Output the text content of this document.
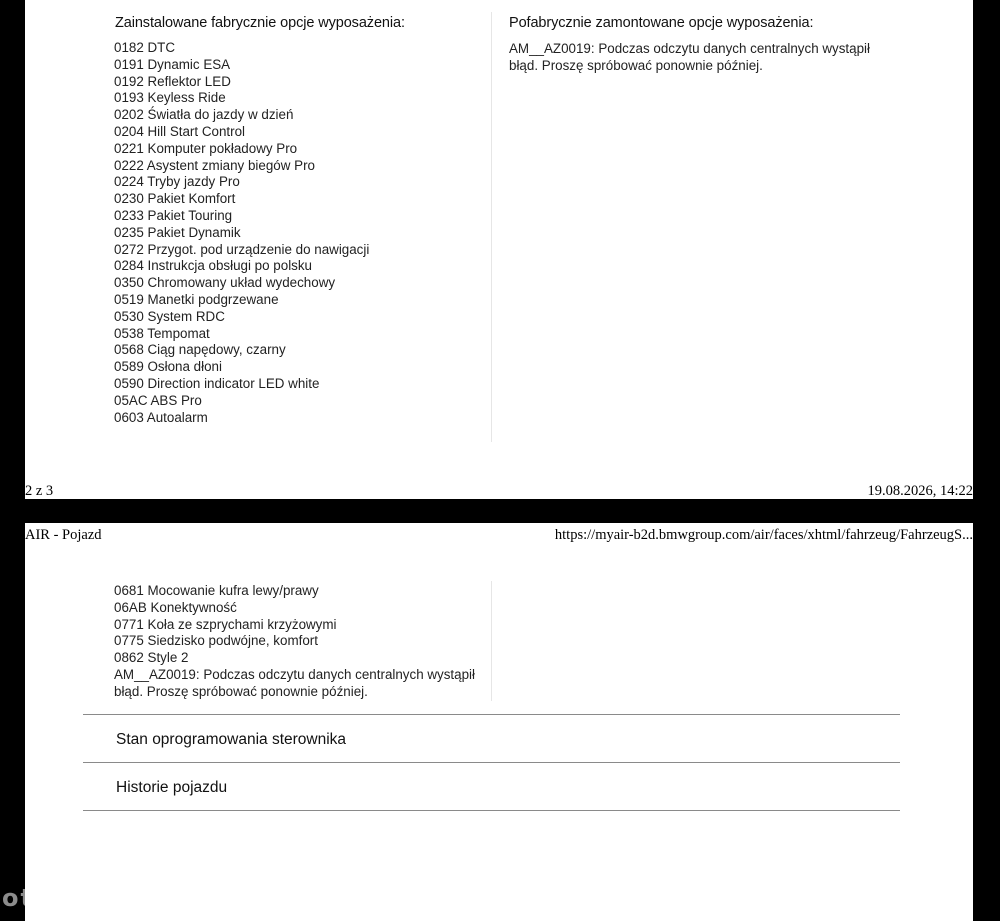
Zainstalowane fabrycznie opcje wyposażenia:
0182 DTC
0191 Dynamic ESA
0192 Reflektor LED
0193 Keyless Ride
0202 Światła do jazdy w dzień
0204 Hill Start Control
0221 Komputer pokładowy Pro
0222 Asystent zmiany biegów Pro
0224 Tryby jazdy Pro
0230 Pakiet Komfort
0233 Pakiet Touring
0235 Pakiet Dynamik
0272 Przygot. pod urządzenie do nawigacji
0284 Instrukcja obsługi po polsku
0350 Chromowany układ wydechowy
0519 Manetki podgrzewane
0530 System RDC
0538 Tempomat
0568 Ciąg napędowy, czarny
0589 Osłona dłoni
0590 Direction indicator LED white
05AC ABS Pro
0603 Autoalarm
Pofabrycznie zamontowane opcje wyposażenia:
AM__AZ0019: Podczas odczytu danych centralnych wystąpił błąd. Proszę spróbować ponownie później.
2 z 3	19.08.2026, 14:22
AIR - Pojazd	https://myair-b2d.bmwgroup.com/air/faces/xhtml/fahrzeug/FahrzeugS...
0681 Mocowanie kufra lewy/prawy
06AB Konektywność
0771 Koła ze szprychami krzyżowymi
0775 Siedzisko podwójne, komfort
0862 Style 2
AM__AZ0019: Podczas odczytu danych centralnych wystąpił błąd. Proszę spróbować ponownie później.
Stan oprogramowania sterownika
Historie pojazdu
otomoto
